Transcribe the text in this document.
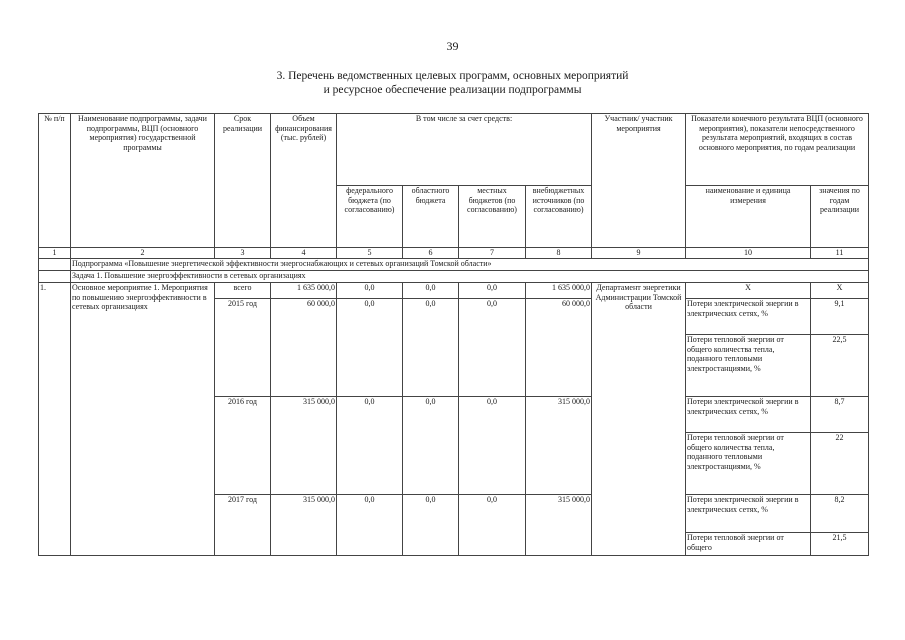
39
3. Перечень ведомственных целевых программ, основных мероприятий
и ресурсное обеспечение реализации подпрограммы
№ п/п	Наименование подпрограммы, задачи подпрограммы, ВЦП (основного мероприятия) государственной программы	Срок реализации	Объем финансирования (тыс. рублей)	В том числе за счет средств:				Участник/ участник мероприятия	Показатели конечного результата ВЦП (основного мероприятия), показатели непосредственного результата мероприятий, входящих в состав основного мероприятия, по годам реализации	

				федерального бюджета (по согласованию)	областного бюджета	местных бюджетов (по согласованию)	внебюджетных источников (по согласованию)		наименование и единица измерения	значения по годам реализации
1	2	3	4	5	6	7	8	9	10	11
	Подпрограмма «Повышение энергетической эффективности энергоснабжающих и сетевых организаций Томской области»									
	Задача 1. Повышение энергоэффективности в сетевых организациях									
1.	Основное мероприятие 1. Мероприятия по повышению энергоэффективности в сетевых организациях	всего	1 635 000,0	0,0	0,0	0,0	1 635 000,0	Департамент энергетики Администрации Томской области	Х	Х
		2015 год	60 000,0	0,0	0,0	0,0	60 000,0		Потери электрической энергии в электрических сетях, %	9,1
									Потери тепловой энергии от общего количества тепла, поданного тепловыми электростанциями, %	22,5
		2016 год	315 000,0	0,0	0,0	0,0	315 000,0		Потери электрической энергии в электрических сетях, %	8,7
									Потери тепловой энергии от общего количества тепла, поданного тепловыми электростанциями, %	22
		2017 год	315 000,0	0,0	0,0	0,0	315 000,0		Потери электрической энергии в электрических сетях, %	8,2
									Потери тепловой энергии от общего	21,5
